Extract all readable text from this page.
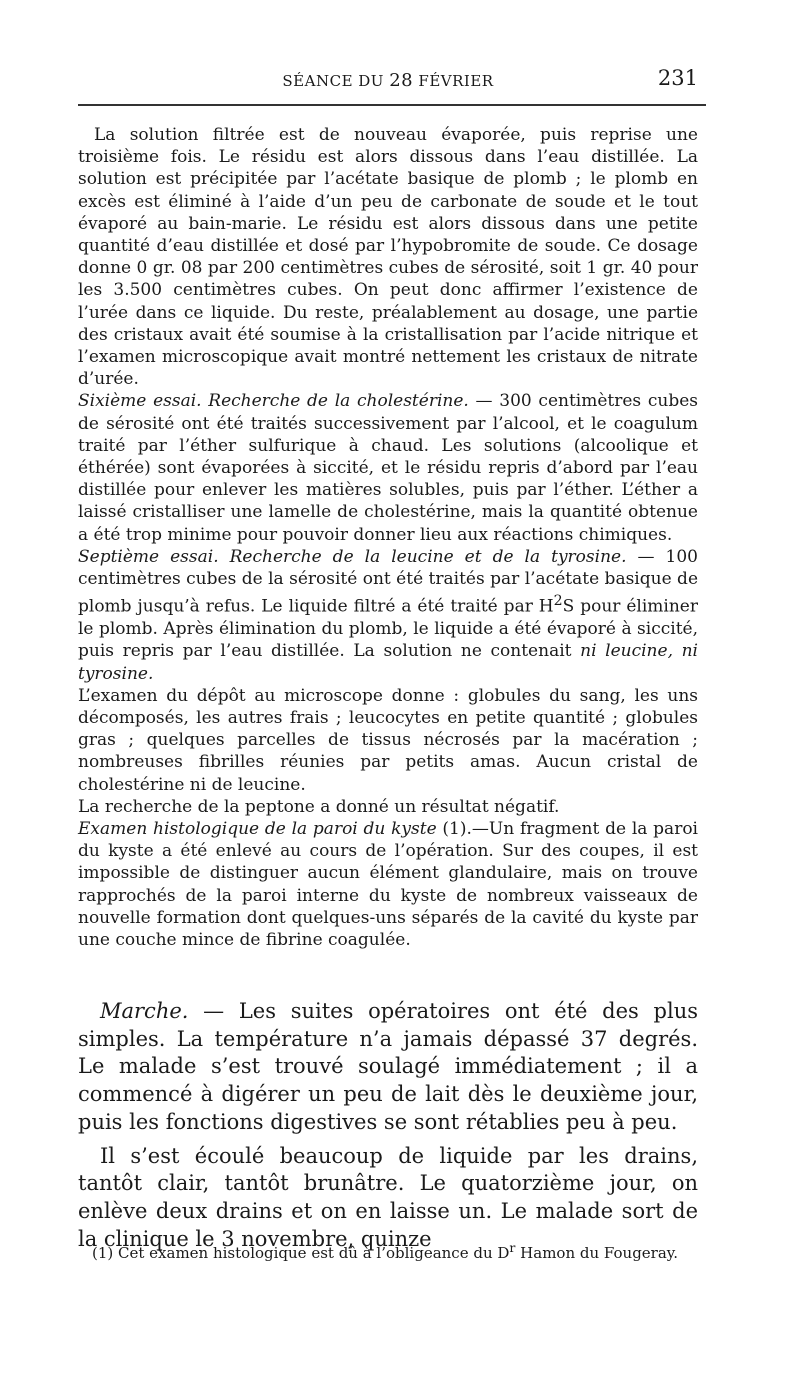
SÉANCE DU 28 FÉVRIER	231

La solution filtrée est de nouveau évaporée, puis reprise une troisième fois. Le résidu est alors dissous dans l’eau distillée. La solution est précipitée par l’acétate basique de plomb ; le plomb en excès est éliminé à l’aide d’un peu de carbonate de soude et le tout évaporé au bain-marie. Le résidu est alors dissous dans une petite quantité d’eau distillée et dosé par l’hypobromite de soude. Ce dosage donne 0 gr. 08 par 200 centimètres cubes de sérosité, soit 1 gr. 40 pour les 3.500 centimètres cubes. On peut donc affirmer l’existence de l’urée dans ce liquide. Du reste, préalablement au dosage, une partie des cristaux avait été soumise à la cristallisation par l’acide nitrique et l’examen microscopique avait montré nettement les cristaux de nitrate d’urée.

Sixième essai. Recherche de la cholestérine. — 300 centimètres cubes de sérosité ont été traités successivement par l’alcool, et le coagulum traité par l’éther sulfurique à chaud. Les solutions (alcoolique et éthérée) sont évaporées à siccité, et le résidu repris d’abord par l’eau distillée pour enlever les matières solubles, puis par l’éther. L’éther a laissé cristalliser une lamelle de cholestérine, mais la quantité obtenue a été trop minime pour pouvoir donner lieu aux réactions chimiques.

Septième essai. Recherche de la leucine et de la tyrosine. — 100 centimètres cubes de la sérosité ont été traités par l’acétate basique de plomb jusqu’à refus. Le liquide filtré a été traité par $H^2S$ pour éliminer le plomb. Après élimination du plomb, le liquide a été évaporé à siccité, puis repris par l’eau distillée. La solution ne contenait ni leucine, ni tyrosine.

L’examen du dépôt au microscope donne : globules du sang, les uns décomposés, les autres frais ; leucocytes en petite quantité ; globules gras ; quelques parcelles de tissus nécrosés par la macération ; nombreuses fibrilles réunies par petits amas. Aucun cristal de cholestérine ni de leucine.

La recherche de la peptone a donné un résultat négatif.

Examen histologique de la paroi du kyste (1).—Un fragment de la paroi du kyste a été enlevé au cours de l’opération. Sur des coupes, il est impossible de distinguer aucun élément glandulaire, mais on trouve rapprochés de la paroi interne du kyste de nombreux vaisseaux de nouvelle formation dont quelques-uns séparés de la cavité du kyste par une couche mince de fibrine coagulée.

Marche. — Les suites opératoires ont été des plus simples. La température n’a jamais dépassé 37 degrés. Le malade s’est trouvé soulagé immédiatement ; il a commencé à digérer un peu de lait dès le deuxième jour, puis les fonctions digestives se sont rétablies peu à peu.

Il s’est écoulé beaucoup de liquide par les drains, tantôt clair, tantôt brunâtre. Le quatorzième jour, on enlève deux drains et on en laisse un. Le malade sort de la clinique le 3 novembre, quinze

(1) Cet examen histologique est dû à l’obligeance du $D^r$ Hamon du Fougeray.
